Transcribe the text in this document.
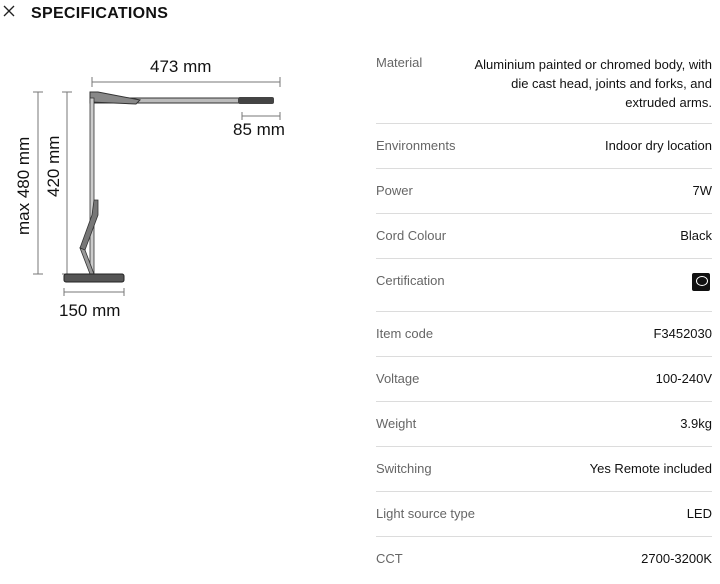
SPECIFICATIONS
473 mm
85 mm
150 mm
max 480 mm 420 mm
Material	Aluminium painted or chromed body, with die cast head, joints and forks, and extruded arms.
Environments	Indoor dry location
Power	7W
Cord Colour	Black
Certification
Item code	F3452030
Voltage	100-240V
Weight	3.9kg
Switching	Yes Remote included
Light source type	LED
CCT	2700-3200K
